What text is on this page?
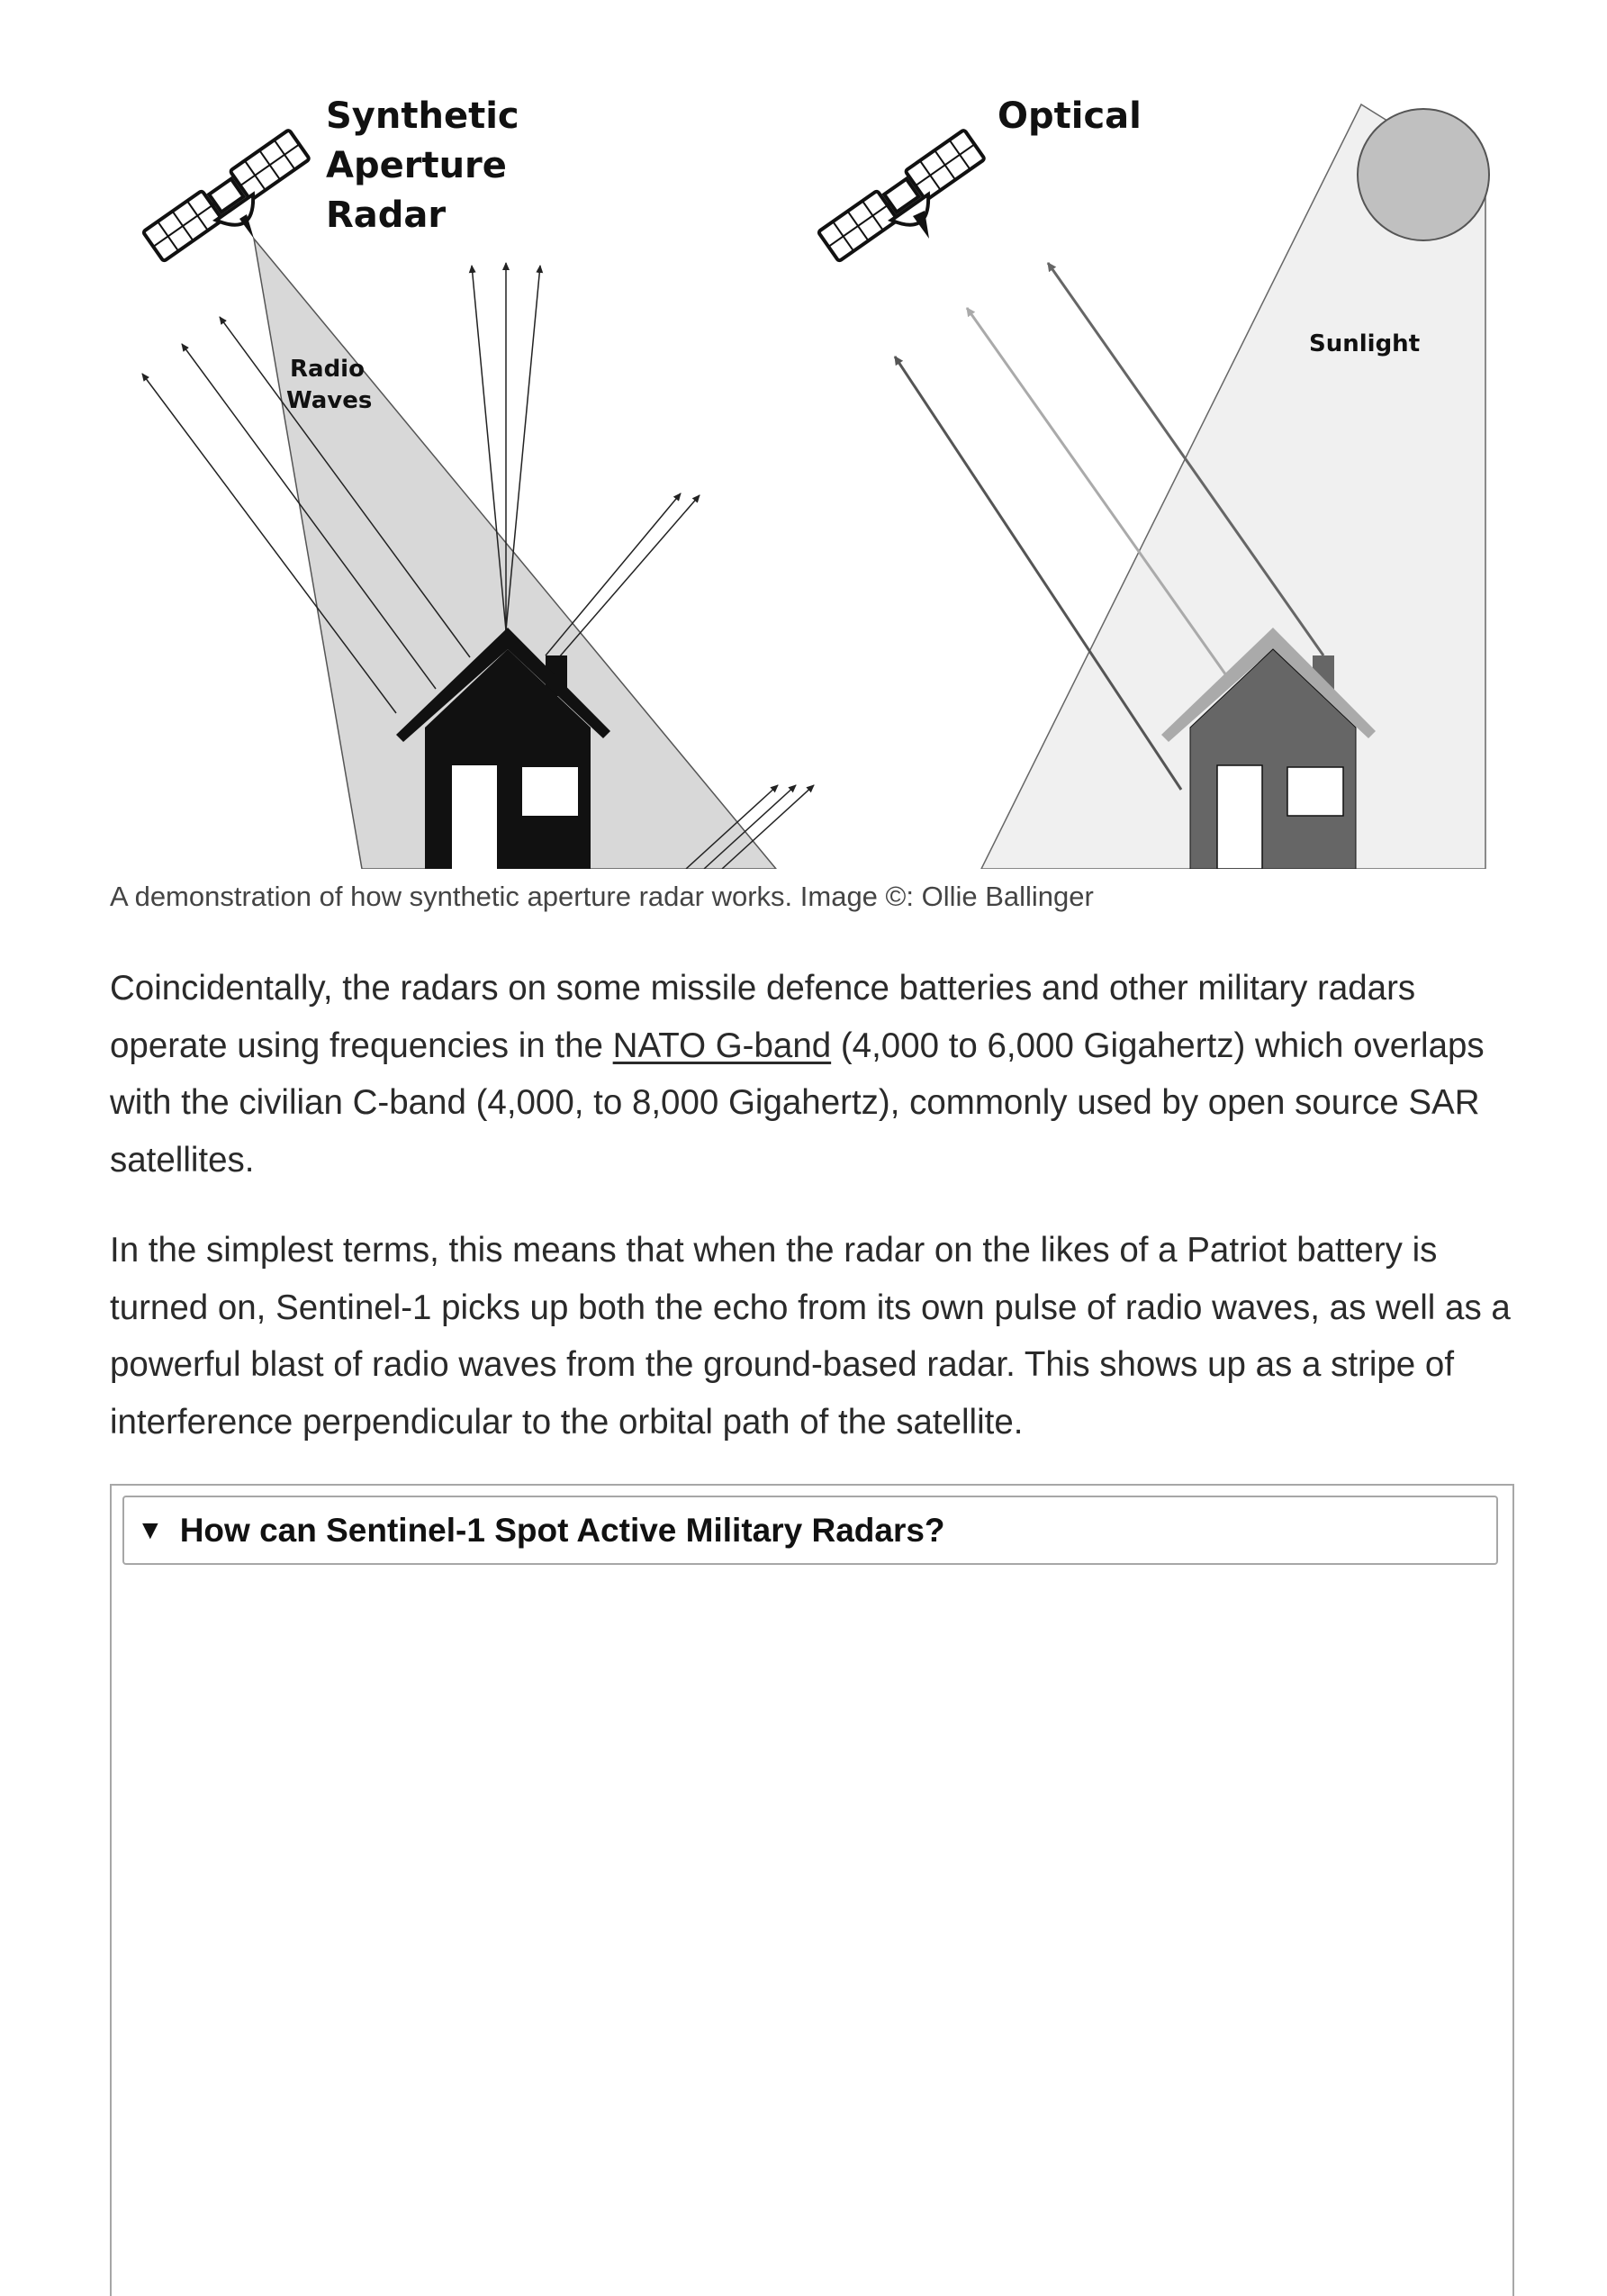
Synthetic
Aperture
Radar
Radio
Waves
Optical
Sunlight
A demonstration of how synthetic aperture radar works. Image ©: Ollie Ballinger

Coincidentally, the radars on some missile defence batteries and other military radars operate using frequencies in the NATO G-band (4,000 to 6,000 Gigahertz) which overlaps with the civilian C-band (4,000, to 8,000 Gigahertz), commonly used by open source SAR satellites.

In the simplest terms, this means that when the radar on the likes of a Patriot battery is turned on, Sentinel-1 picks up both the echo from its own pulse of radio waves, as well as a powerful blast of radio waves from the ground-based radar. This shows up as a stripe of interference perpendicular to the orbital path of the satellite.

▼ How can Sentinel-1 Spot Active Military Radars?
